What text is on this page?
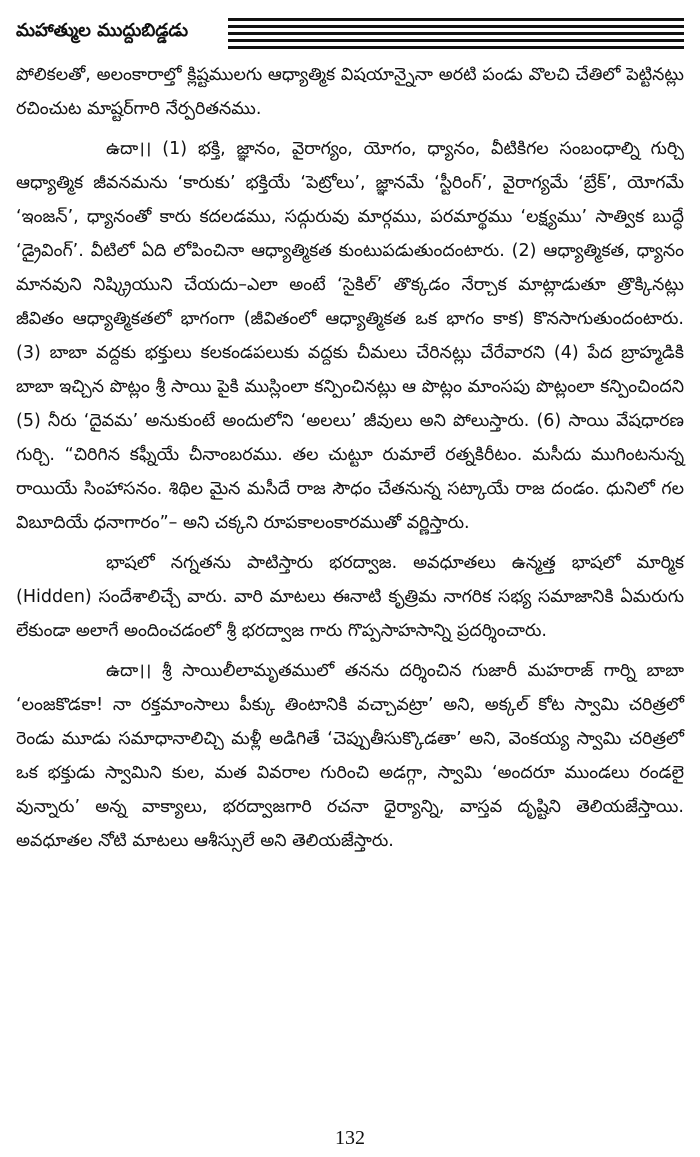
మహాత్ముల ముద్దుబిడ్డడు

పోలికలతో, అలంకారాల్తో క్లిష్టములగు ఆధ్యాత్మిక విషయాన్నైనా అరటి పండు వొలచి చేతిలో పెట్టినట్లు రచించుట మాష్టర్‌గారి నేర్పరితనము.

ఉదా।। (1) భక్తి, జ్ఞానం, వైరాగ్యం, యోగం, ధ్యానం, వీటికిగల సంబంధాల్ని గుర్చి ఆధ్యాత్మిక జీవనమను ‘కారుకు’ భక్తియే ‘పెట్రోలు’, జ్ఞానమే ‘స్టీరింగ్’, వైరాగ్యమే ‘బ్రేక్’, యోగమే ‘ఇంజన్’, ధ్యానంతో కారు కదలడము, సద్గురువు మార్గము, పరమార్థము ‘లక్ష్యము’ సాత్విక బుద్ధే ‘డ్రైవింగ్’. వీటిలో ఏది లోపించినా ఆధ్యాత్మికత కుంటుపడుతుందంటారు. (2) ఆధ్యాత్మికత, ధ్యానం మానవుని నిష్క్రియుని చేయదు–ఎలా అంటే ‘సైకిల్’ తొక్కడం నేర్చాక మాట్లాడుతూ త్రొక్కినట్లు జీవితం ఆధ్యాత్మికతలో భాగంగా (జీవితంలో ఆధ్యాత్మికత ఒక భాగం కాక) కొనసాగుతుందంటారు. (3) బాబా వద్దకు భక్తులు కలకండపలుకు వద్దకు చీమలు చేరినట్లు చేరేవారని (4) పేద బ్రాహ్మడికి బాబా ఇచ్చిన పొట్లం శ్రీ సాయి పైకి ముస్లింలా కన్పించినట్లు ఆ పొట్లం మాంసపు పొట్లంలా కన్పించిందని (5) నీరు ‘దైవమ’ అనుకుంటే అందులోని ‘అలలు’ జీవులు అని పోలుస్తారు. (6) సాయి వేషధారణ గుర్చి. “చిరిగిన కఫ్నీయే చీనాంబరము. తల చుట్టూ రుమాలే రత్నకిరీటం. మసీదు ముగింటనున్న రాయియే సింహాసనం. శిథిల మైన మసీదే రాజ సౌధం చేతనున్న సట్కాయే రాజ దండం. ధునిలో గల విబూదియే ధనాగారం”– అని చక్కని రూపకాలంకారముతో వర్ణిస్తారు.

భాషలో నగ్నతను పాటిస్తారు భరద్వాజ. అవధూతలు ఉన్మత్త భాషలో మార్మిక (Hidden) సందేశాలిచ్చే వారు. వారి మాటలు ఈనాటి కృత్రిమ నాగరిక సభ్య సమాజానికి ఏమరుగు లేకుండా అలాగే అందించడంలో శ్రీ భరద్వాజ గారు గొప్పసాహసాన్ని ప్రదర్శించారు.

ఉదా।। శ్రీ సాయిలీలామృతములో తనను దర్శించిన గుజారీ మహరాజ్ గార్ని బాబా ‘లంజకొడకా! నా రక్తమాంసాలు పీక్కు తింటానికి వచ్చావట్రా’ అని, అక్కల్ కోట స్వామి చరిత్రలో రెండు మూడు సమాధానాలిచ్చి మళ్లీ అడిగితే ‘చెప్పుతీసుక్కొడతా’ అని, వెంకయ్య స్వామి చరిత్రలో ఒక భక్తుడు స్వామిని కుల, మత వివరాల గురించి అడగ్గా, స్వామి ‘అందరూ ముండలు రండలై వున్నారు’ అన్న వాక్యాలు, భరద్వాజగారి రచనా ధైర్యాన్ని, వాస్తవ దృష్టిని తెలియజేస్తాయి. అవధూతల నోటి మాటలు ఆశీస్సులే అని తెలియజేస్తారు.

132
